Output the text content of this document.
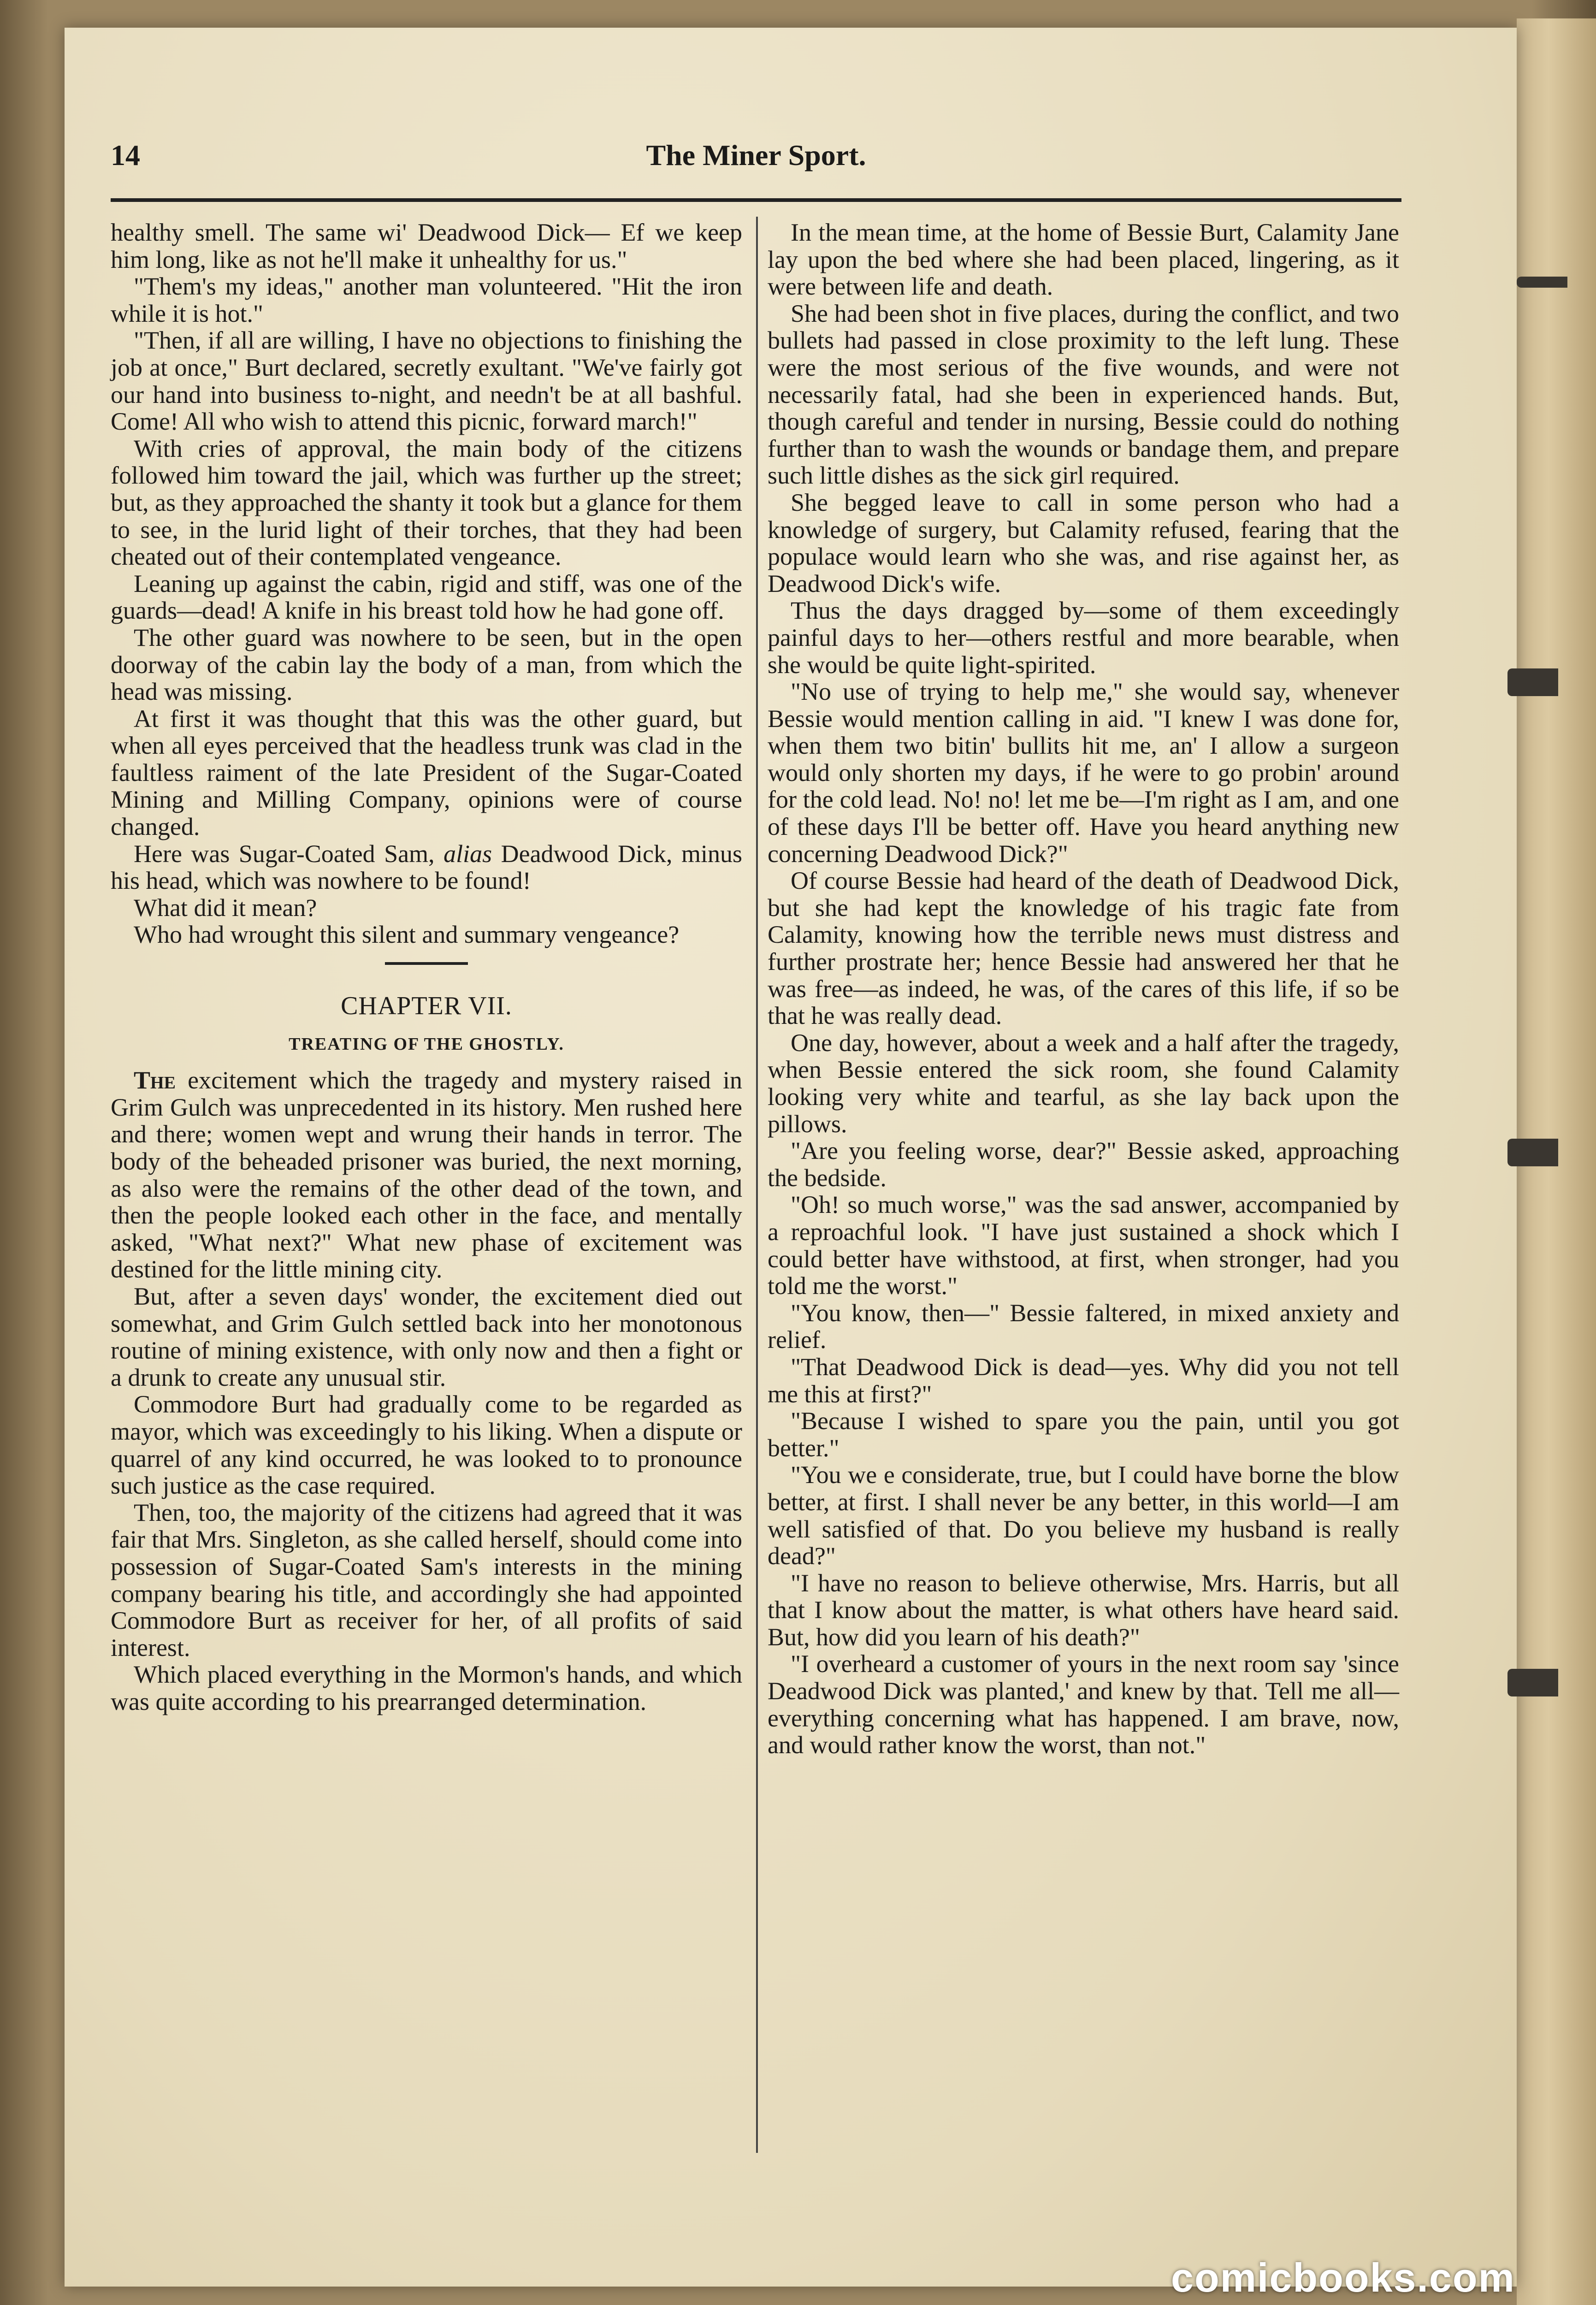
14	The Miner Sport.

healthy smell. The same wi' Deadwood Dick— Ef we keep him long, like as not he'll make it unhealthy for us."

"Them's my ideas," another man volunteered. "Hit the iron while it is hot."

"Then, if all are willing, I have no objections to finishing the job at once," Burt declared, secretly exultant. "We've fairly got our hand into business to-night, and needn't be at all bashful. Come! All who wish to attend this picnic, forward march!"

With cries of approval, the main body of the citizens followed him toward the jail, which was further up the street; but, as they approached the shanty it took but a glance for them to see, in the lurid light of their torches, that they had been cheated out of their contemplated vengeance.

Leaning up against the cabin, rigid and stiff, was one of the guards—dead! A knife in his breast told how he had gone off.

The other guard was nowhere to be seen, but in the open doorway of the cabin lay the body of a man, from which the head was missing.

At first it was thought that this was the other guard, but when all eyes perceived that the headless trunk was clad in the faultless raiment of the late President of the Sugar-Coated Mining and Milling Company, opinions were of course changed.

Here was Sugar-Coated Sam, alias Deadwood Dick, minus his head, which was nowhere to be found!

What did it mean?

Who had wrought this silent and summary vengeance?

CHAPTER VII.
TREATING OF THE GHOSTLY.

The excitement which the tragedy and mystery raised in Grim Gulch was unprecedented in its history. Men rushed here and there; women wept and wrung their hands in terror. The body of the beheaded prisoner was buried, the next morning, as also were the remains of the other dead of the town, and then the people looked each other in the face, and mentally asked, "What next?" What new phase of excitement was destined for the little mining city.

But, after a seven days' wonder, the excitement died out somewhat, and Grim Gulch settled back into her monotonous routine of mining existence, with only now and then a fight or a drunk to create any unusual stir.

Commodore Burt had gradually come to be regarded as mayor, which was exceedingly to his liking. When a dispute or quarrel of any kind occurred, he was looked to to pronounce such justice as the case required.

Then, too, the majority of the citizens had agreed that it was fair that Mrs. Singleton, as she called herself, should come into possession of Sugar-Coated Sam's interests in the mining company bearing his title, and accordingly she had appointed Commodore Burt as receiver for her, of all profits of said interest.

Which placed everything in the Mormon's hands, and which was quite according to his prearranged determination.

In the mean time, at the home of Bessie Burt, Calamity Jane lay upon the bed where she had been placed, lingering, as it were between life and death.

She had been shot in five places, during the conflict, and two bullets had passed in close proximity to the left lung. These were the most serious of the five wounds, and were not necessarily fatal, had she been in experienced hands. But, though careful and tender in nursing, Bessie could do nothing further than to wash the wounds or bandage them, and prepare such little dishes as the sick girl required.

She begged leave to call in some person who had a knowledge of surgery, but Calamity refused, fearing that the populace would learn who she was, and rise against her, as Deadwood Dick's wife.

Thus the days dragged by—some of them exceedingly painful days to her—others restful and more bearable, when she would be quite light-spirited.

"No use of trying to help me," she would say, whenever Bessie would mention calling in aid. "I knew I was done for, when them two bitin' bullits hit me, an' I allow a surgeon would only shorten my days, if he were to go probin' around for the cold lead. No! no! let me be—I'm right as I am, and one of these days I'll be better off. Have you heard anything new concerning Deadwood Dick?"

Of course Bessie had heard of the death of Deadwood Dick, but she had kept the knowledge of his tragic fate from Calamity, knowing how the terrible news must distress and further prostrate her; hence Bessie had answered her that he was free—as indeed, he was, of the cares of this life, if so be that he was really dead.

One day, however, about a week and a half after the tragedy, when Bessie entered the sick room, she found Calamity looking very white and tearful, as she lay back upon the pillows.

"Are you feeling worse, dear?" Bessie asked, approaching the bedside.

"Oh! so much worse," was the sad answer, accompanied by a reproachful look. "I have just sustained a shock which I could better have withstood, at first, when stronger, had you told me the worst."

"You know, then—" Bessie faltered, in mixed anxiety and relief.

"That Deadwood Dick is dead—yes. Why did you not tell me this at first?"

"Because I wished to spare you the pain, until you got better."

"You we e considerate, true, but I could have borne the blow better, at first. I shall never be any better, in this world—I am well satisfied of that. Do you believe my husband is really dead?"

"I have no reason to believe otherwise, Mrs. Harris, but all that I know about the matter, is what others have heard said. But, how did you learn of his death?"

"I overheard a customer of yours in the next room say 'since Deadwood Dick was planted,' and knew by that. Tell me all—everything concerning what has happened. I am brave, now, and would rather know the worst, than not."

comicbooks.com
